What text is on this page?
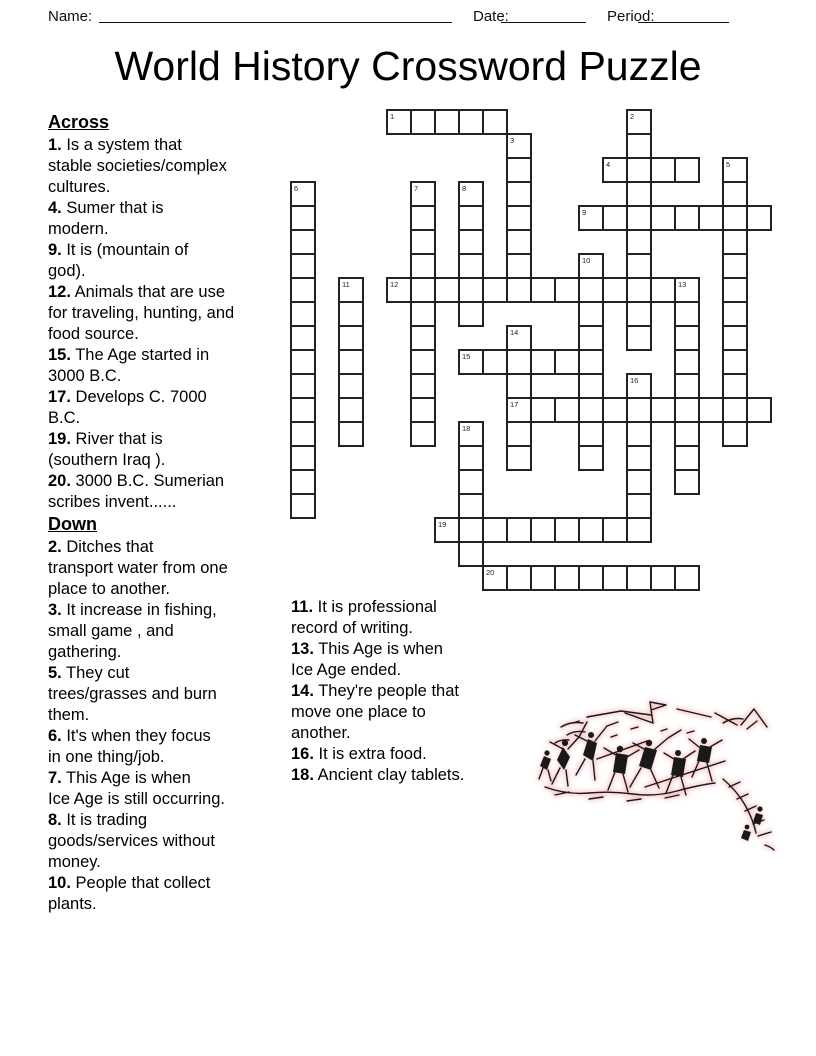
Name:	Date:	Period:
World History Crossword Puzzle
1	2
3
4	5
6	7	8
9
10
11	12	13
14
15
16
17
18
19
20
Across
1. Is a system that
stable societies/complex
cultures.
4. Sumer that is
modern.
9. It is (mountain of
god).
12. Animals that are use
for traveling, hunting, and
food source.
15. The Age started in
3000 B.C.
17. Develops C. 7000
B.C.
19. River that is
(southern Iraq ).
20. 3000 B.C. Sumerian
scribes invent......
Down
2. Ditches that
transport water from one
place to another.
3. It increase in fishing,
small game , and
gathering.
5. They cut
trees/grasses and burn
them.
6. It's when they focus
in one thing/job.
7. This Age is when
Ice Age is still occurring.
8. It is trading
goods/services without
money.
10. People that collect
plants.
11. It is professional
record of writing.
13. This Age is when
Ice Age ended.
14. They're people that
move one place to
another.
16. It is extra food.
18. Ancient clay tablets.
